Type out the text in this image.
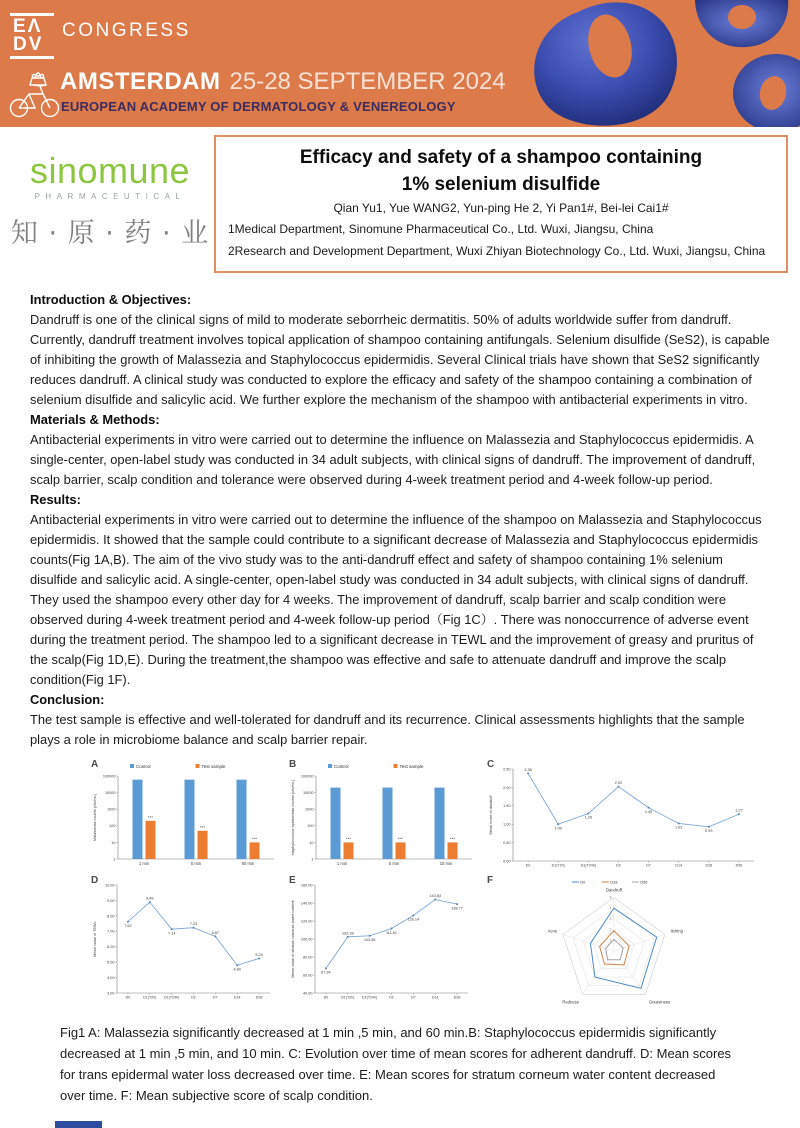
EΛ
DV
CONGRESS
AMSTERDAM 25-28 SEPTEMBER 2024
EUROPEAN ACADEMY OF DERMATOLOGY & VENEREOLOGY
sinomune
PHARMACEUTICAL
知 · 原 · 药 · 业
Efficacy and safety of a shampoo containing
1% selenium disulfide
Qian Yu1, Yue WANG2, Yun-ping He 2, Yi Pan1#, Bei-lei Cai1#
1Medical Department, Sinomune Pharmaceutical Co., Ltd. Wuxi, Jiangsu, China
2Research and Development Department, Wuxi Zhiyan Biotechnology Co., Ltd. Wuxi, Jiangsu, China
Introduction & Objectives:

Dandruff is one of the clinical signs of mild to moderate seborrheic dermatitis. 50% of adults worldwide suffer from dandruff. Currently, dandruff treatment involves topical application of shampoo containing antifungals. Selenium disulfide (SeS2), is capable of inhibiting the growth of Malassezia and Staphylococcus epidermidis. Several Clinical trials have shown that SeS2 significantly reduces dandruff. A clinical study was conducted to explore the efficacy and safety of the shampoo containing a combination of selenium disulfide and salicylic acid. We further explore the mechanism of the shampoo with antibacterial experiments in vitro.

Materials & Methods:

Antibacterial experiments in vitro were carried out to determine the influence on Malassezia and Staphylococcus epidermidis. A single-center, open-label study was conducted in 34 adult subjects, with clinical signs of dandruff. The improvement of dandruff, scalp barrier, scalp condition and tolerance were observed during 4-week treatment period and 4-week follow-up period.

Results:

Antibacterial experiments in vitro were carried out to determine the influence of the shampoo on Malassezia and Staphylococcus epidermidis. It showed that the sample could contribute to a significant decrease of Malassezia and Staphylococcus epidermidis counts(Fig 1A,B). The aim of the vivo study was to the anti-dandruff effect and safety of shampoo containing 1% selenium disulfide and salicylic acid. A single-center, open-label study was conducted in 34 adult subjects, with clinical signs of dandruff. They used the shampoo every other day for 4 weeks. The improvement of dandruff, scalp barrier and scalp condition were observed during 4-week treatment period and 4-week follow-up period（Fig 1C）. There was nonoccurrence of adverse event during the treatment period. The shampoo led to a significant decrease in TEWL and the improvement of greasy and pruritus of the scalp(Fig 1D,E). During the treatment,the shampoo was effective and safe to attenuate dandruff and improve the scalp condition(Fig 1F).

Conclusion:

The test sample is effective and well-tolerated for dandruff and its recurrence. Clinical assessments highlights that the sample plays a role in microbiome balance and scalp barrier repair.

A	Control	Test sample
1
10
100
1000
10000
100000
1 min
***
5 min
***
60 min
***
Malassezia counts (cfu/mL)
B	Control	Test sample
1
10
100
1000
10000
100000
1 min
***
5 min
***
10 min
***
staphylococcus epidermidis counts (cfu/mL)
C
0.00
0.50
1.00
1.50
2.00
2.50
D0	D1(T2h)	D1(T24h)	D2	D7	D14	D28	D56
2.38
1.00
1.29
2.02
1.45
1.02
0.93
1.27
Mean score of dandruff
D
3.00
4.00
5.00
6.00
7.00
8.00
9.00
10.00
D0	D1(T2h) D1(T24h)	D2	D7	D14	D28
7.62
8.89
7.14
7.23
6.67
4.80
5.24
Mean value of TEWL
E
40.00
60.00
80.00
100.00
120.00
140.00
160.00
D0	D1(T2h) D1(T24h)	D2	D7	D14	D28
67.34
102.38
103.56
111.61
126.14
143.83
138.77
Mean value of stratum corneum water content
F	D0	D28	D56
1
2
3
4
5
Dandruff
Itching
Greasiness
Redness
Acne

Fig1 A: Malassezia significantly decreased at 1 min ,5 min, and 60 min.B: Staphylococcus epidermidis significantly decreased at 1 min ,5 min, and 10 min. C: Evolution over time of mean scores for adherent dandruff. D: Mean scores for trans epidermal water loss decreased over time. E: Mean scores for stratum corneum water content decreased over time. F: Mean subjective score of scalp condition.
